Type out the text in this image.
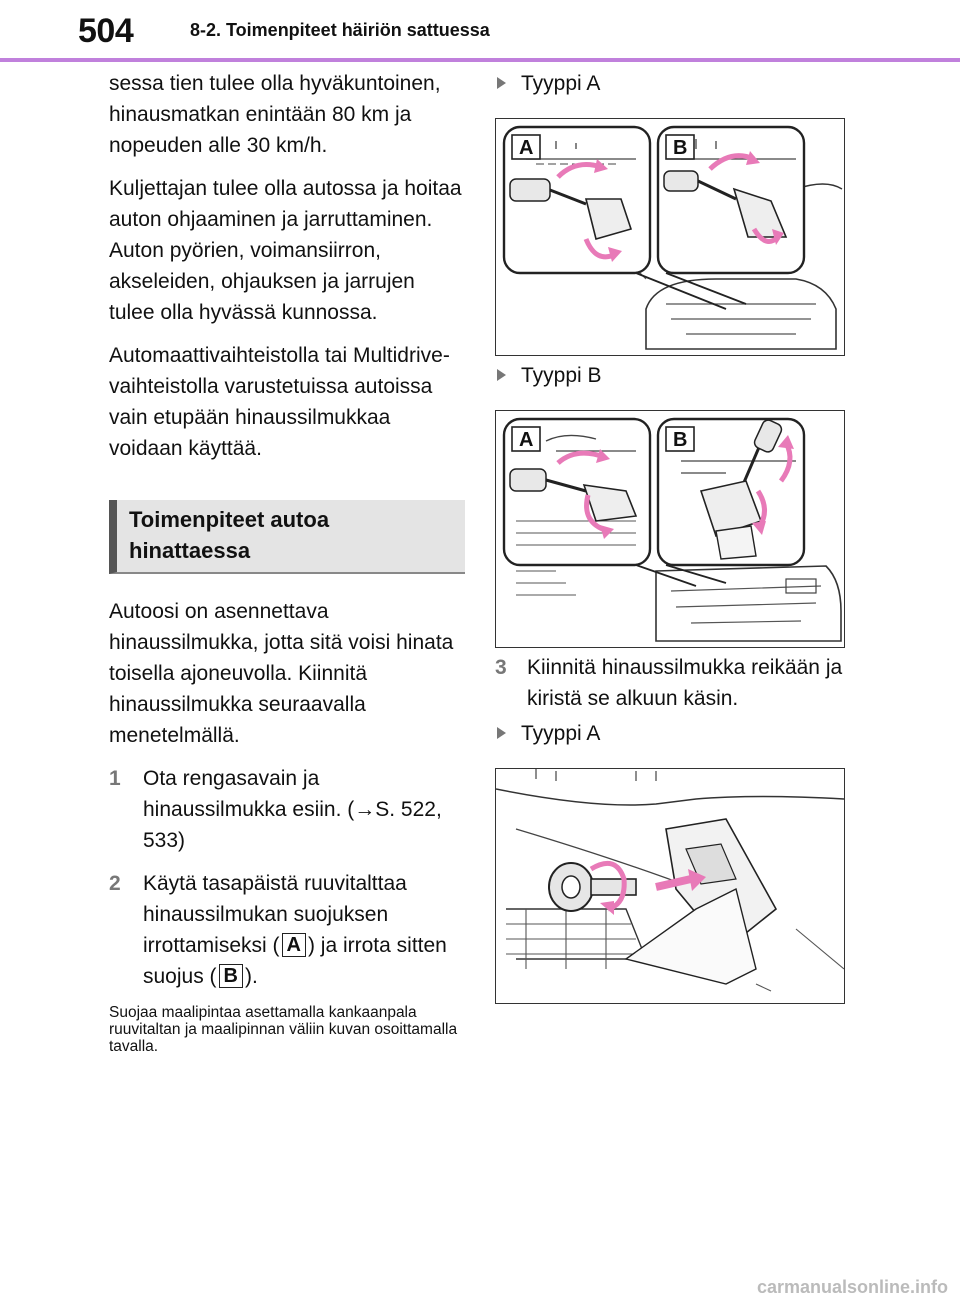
504	8-2. Toimenpiteet häiriön sattuessa

sessa tien tulee olla hyväkuntoinen, hinausmatkan enintään 80 km ja nopeuden alle 30 km/h.

Kuljettajan tulee olla autossa ja hoitaa auton ohjaaminen ja jarruttaminen. Auton pyörien, voimansiirron, akseleiden, ohjauksen ja jarrujen tulee olla hyvässä kunnossa.

Automaattivaihteistolla tai Multidrive-vaihteistolla varustetuissa autoissa vain etupään hinaussilmukkaa voidaan käyttää.

Toimenpiteet autoa hinattaessa

Autoosi on asennettava hinaussilmukka, jotta sitä voisi hinata toisella ajoneuvolla. Kiinnitä hinaussilmukka seuraavalla menetelmällä.

1 Ota rengasavain ja hinaussilmukka esiin. (→S. 522, 533)
2 Käytä tasapäistä ruuvitalttaa hinaussilmukan suojuksen irrottamiseksi ( A ) ja irrota sitten suojus ( B ).

Suojaa maalipintaa asettamalla kankaanpala ruuvitaltan ja maalipinnan väliin kuvan osoittamalla tavalla.

Tyyppi A
A	B
Tyyppi B
A	B
3 Kiinnitä hinaussilmukka reikään ja kiristä se alkuun käsin.
Tyyppi A
carmanualsonline.info
